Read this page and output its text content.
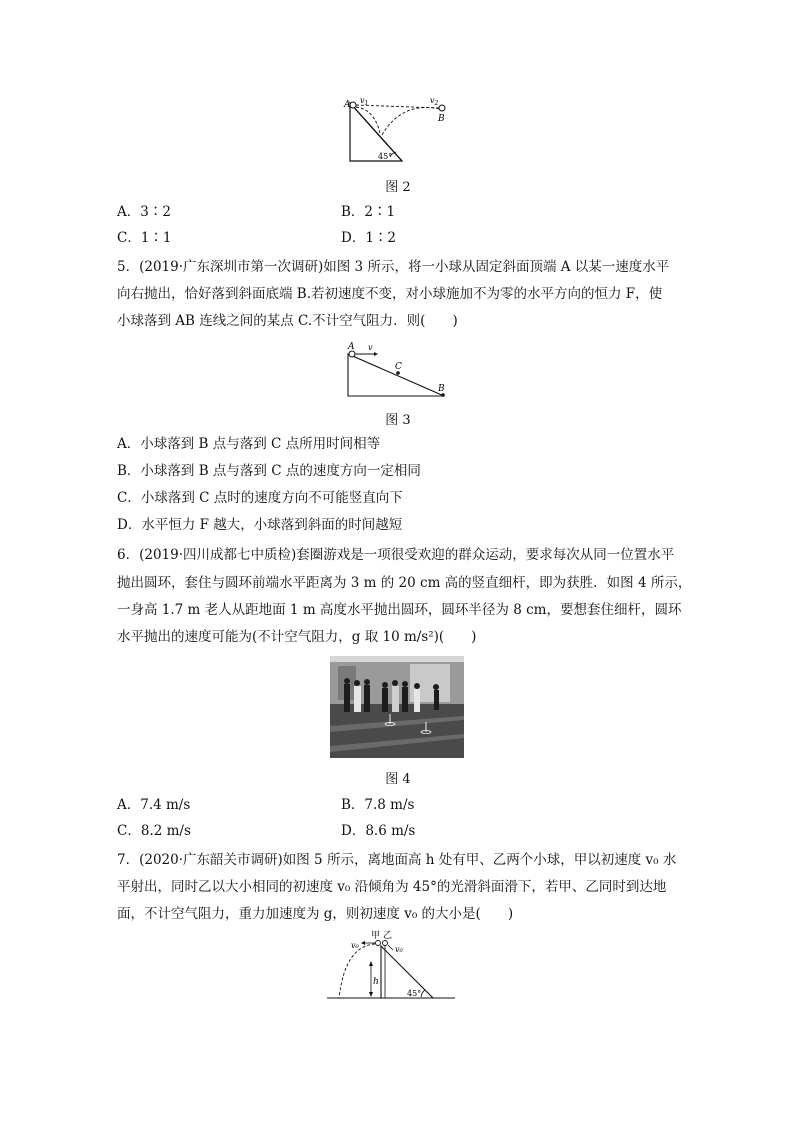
A $v_1$	$v_2$
B
45°
图 2
A．3∶2	B．2∶1
C．1∶1	D．1∶2
5．(2019·广东深圳市第一次调研)如图 3 所示，将一小球从固定斜面顶端 A 以某一速度水平
向右抛出，恰好落到斜面底端 B.若初速度不变，对小球施加不为零的水平方向的恒力 F，使
小球落到 AB 连线之间的某点 C.不计空气阻力．则(　　)
A v
C
B
图 3
A．小球落到 B 点与落到 C 点所用时间相等
B．小球落到 B 点与落到 C 点的速度方向一定相同
C．小球落到 C 点时的速度方向不可能竖直向下
D．水平恒力 F 越大，小球落到斜面的时间越短
6．(2019·四川成都七中质检)套圈游戏是一项很受欢迎的群众运动，要求每次从同一位置水平
抛出圆环，套住与圆环前端水平距离为 3 m 的 20 cm 高的竖直细杆，即为获胜．如图 4 所示，
一身高 1.7 m 老人从距地面 1 m 高度水平抛出圆环，圆环半径为 8 cm，要想套住细杆，圆环
水平抛出的速度可能为(不计空气阻力，g 取 10 m/s²)(　　)
图 4
A．7.4 m/s	B．7.8 m/s
C．8.2 m/s	D．8.6 m/s
7．(2020·广东韶关市调研)如图 5 所示，离地面高 h 处有甲、乙两个小球，甲以初速度 v₀ 水
平射出，同时乙以大小相同的初速度 v₀ 沿倾角为 45°的光滑斜面滑下，若甲、乙同时到达地
面，不计空气阻力，重力加速度为 g，则初速度 v₀ 的大小是(　　)
甲 乙
v₀	v₀
h
45°
